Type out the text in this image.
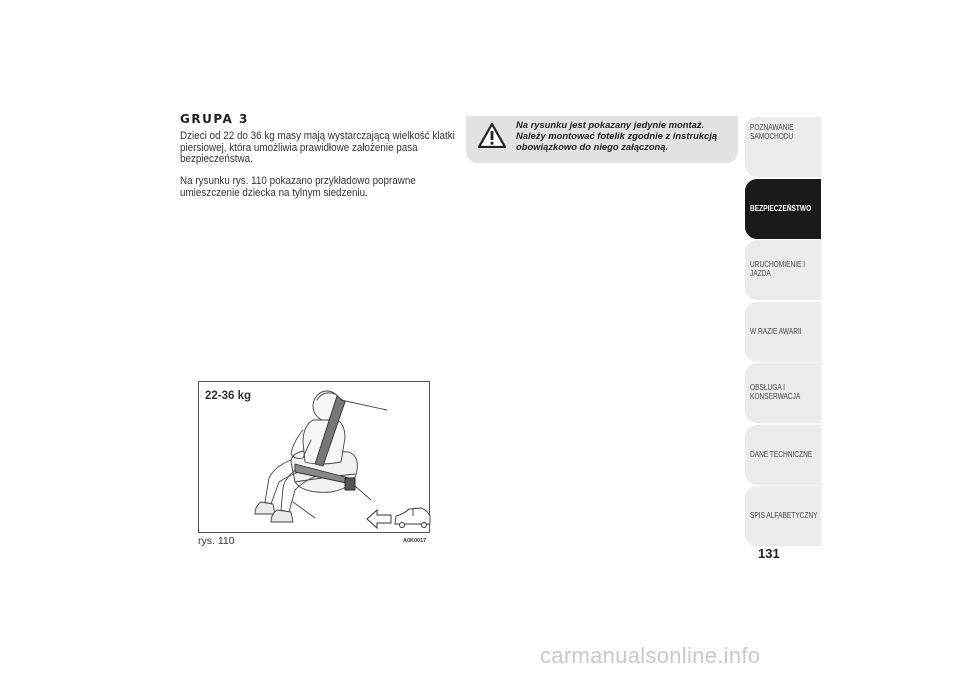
GRUPA 3

Dzieci od 22 do 36 kg masy mają wystarczającą wielkość klatki piersiowej, która umożliwia prawidłowe założenie pasa bezpieczeństwa.

Na rysunku rys. 110 pokazano przykładowo poprawne umieszczenie dziecka na tylnym siedzeniu.

Na rysunku jest pokazany jedynie montaż. Należy montować fotelik zgodnie z instrukcją obowiązkowo do niego załączoną.

22-36 kg
rys. 110	A0K0017
POZNAWANIE SAMOCHODU
BEZPIECZEŃSTWO
URUCHOMIENIE I JAZDA
W RAZIE AWARII
OBSŁUGA I KONSERWACJA
DANE TECHNICZNE
SPIS ALFABETYCZNY
131
carmanualsonline.info
